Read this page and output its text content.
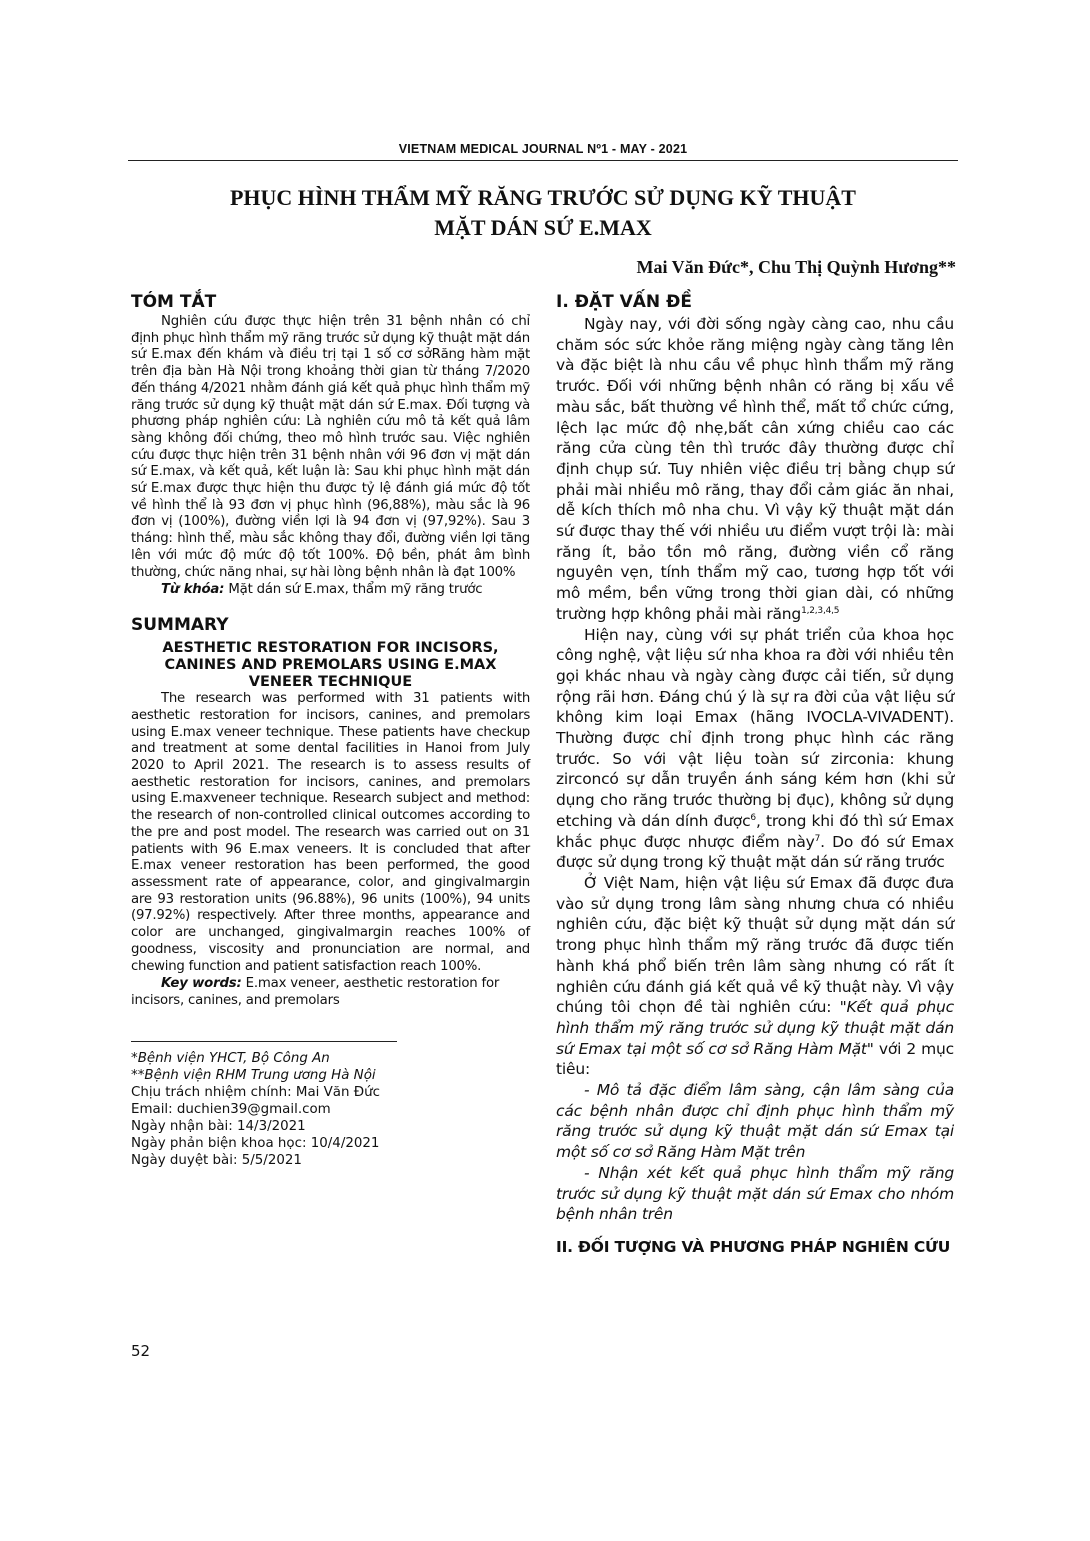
VIETNAM MEDICAL JOURNAL Nº1 - MAY - 2021
PHỤC HÌNH THẨM MỸ RĂNG TRƯỚC SỬ DỤNG KỸ THUẬT
MẶT DÁN SỨ E.MAX
Mai Văn Đức*, Chu Thị Quỳnh Hương**
TÓM TẮT

Nghiên cứu được thực hiện trên 31 bệnh nhân có chỉ định phục hình thẩm mỹ răng trước sử dụng kỹ thuật mặt dán sứ E.max đến khám và điều trị tại 1 số cơ sởRăng hàm mặt trên địa bàn Hà Nội trong khoảng thời gian từ tháng 7/2020 đến tháng 4/2021 nhằm đánh giá kết quả phục hình thẩm mỹ răng trước sử dụng kỹ thuật mặt dán sứ E.max. Đối tượng và phương pháp nghiên cứu: Là nghiên cứu mô tả kết quả lâm sàng không đối chứng, theo mô hình trước sau. Việc nghiên cứu được thực hiện trên 31 bệnh nhân với 96 đơn vị mặt dán sứ E.max, và kết quả, kết luận là: Sau khi phục hình mặt dán sứ E.max được thực hiện thu được tỷ lệ đánh giá mức độ tốt về hình thể là 93 đơn vị phục hình (96,88%), màu sắc là 96 đơn vị (100%), đường viền lợi là 94 đơn vị (97,92%). Sau 3 tháng: hình thể, màu sắc không thay đổi, đường viền lợi tăng lên với mức độ mức độ tốt 100%. Độ bền, phát âm bình thường, chức năng nhai, sự hài lòng bệnh nhân là đạt 100%

Từ khóa: Mặt dán sứ E.max, thẩm mỹ răng trước

SUMMARY

AESTHETIC RESTORATION FOR INCISORS, CANINES AND PREMOLARS USING E.MAX VENEER TECHNIQUE

The research was performed with 31 patients with aesthetic restoration for incisors, canines, and premolars using E.max veneer technique. These patients have checkup and treatment at some dental facilities in Hanoi from July 2020 to April 2021. The research is to assess results of aesthetic restoration for incisors, canines, and premolars using E.maxveneer technique. Research subject and method: the research of non-controlled clinical outcomes according to the pre and post model. The research was carried out on 31 patients with 96 E.max veneers. It is concluded that after E.max veneer restoration has been performed, the good assessment rate of appearance, color, and gingivalmargin are 93 restoration units (96.88%), 96 units (100%), 94 units (97.92%) respectively. After three months, appearance and color are unchanged, gingivalmargin reaches 100% of goodness, viscosity and pronunciation are normal, and chewing function and patient satisfaction reach 100%.

Key words: E.max veneer, aesthetic restoration for incisors, canines, and premolars

*Bệnh viện YHCT, Bộ Công An

**Bệnh viện RHM Trung ương Hà Nội

Chịu trách nhiệm chính: Mai Văn Đức

Email: duchien39@gmail.com

Ngày nhận bài: 14/3/2021

Ngày phản biện khoa học: 10/4/2021

Ngày duyệt bài: 5/5/2021

I. ĐẶT VẤN ĐỀ

Ngày nay, với đời sống ngày càng cao, nhu cầu chăm sóc sức khỏe răng miệng ngày càng tăng lên và đặc biệt là nhu cầu về phục hình thẩm mỹ răng trước. Đối với những bệnh nhân có răng bị xấu về màu sắc, bất thường về hình thể, mất tổ chức cứng, lệch lạc mức độ nhẹ,bất cân xứng chiều cao các răng cửa cùng tên thì trước đây thường được chỉ định chụp sứ. Tuy nhiên việc điều trị bằng chụp sứ phải mài nhiều mô răng, thay đổi cảm giác ăn nhai, dễ kích thích mô nha chu. Vì vậy kỹ thuật mặt dán sứ được thay thế với nhiều ưu điểm vượt trội là: mài răng ít, bảo tồn mô răng, đường viền cổ răng nguyên vẹn, tính thẩm mỹ cao, tương hợp tốt với mô mềm, bền vững trong thời gian dài, có những trường hợp không phải mài răng$^{1,2,3,4,5}$

Hiện nay, cùng với sự phát triển của khoa học công nghệ, vật liệu sứ nha khoa ra đời với nhiều tên gọi khác nhau và ngày càng được cải tiến, sử dụng rộng rãi hơn. Đáng chú ý là sự ra đời của vật liệu sứ không kim loại Emax (hãng IVOCLA-VIVADENT). Thường được chỉ định trong phục hình các răng trước. So với vật liệu toàn sứ zirconia: khung zirconcó sự dẫn truyền ánh sáng kém hơn (khi sử dụng cho răng trước thường bị đục), không sử dụng etching và dán dính được$^6$, trong khi đó thì sứ Emax khắc phục được nhược điểm này$^7$. Do đó sứ Emax được sử dụng trong kỹ thuật mặt dán sứ răng trước

Ở Việt Nam, hiện vật liệu sứ Emax đã được đưa vào sử dụng trong lâm sàng nhưng chưa có nhiều nghiên cứu, đặc biệt kỹ thuật sử dụng mặt dán sứ trong phục hình thẩm mỹ răng trước đã được tiến hành khá phổ biến trên lâm sàng nhưng có rất ít nghiên cứu đánh giá kết quả về kỹ thuật này. Vì vậy chúng tôi chọn đề tài nghiên cứu: "Kết quả phục hình thẩm mỹ răng trước sử dụng kỹ thuật mặt dán sứ Emax tại một số cơ sở Răng Hàm Mặt" với 2 mục tiêu:

- Mô tả đặc điểm lâm sàng, cận lâm sàng của các bệnh nhân được chỉ định phục hình thẩm mỹ răng trước sử dụng kỹ thuật mặt dán sứ Emax tại một số cơ sở Răng Hàm Mặt trên

- Nhận xét kết quả phục hình thẩm mỹ răng trước sử dụng kỹ thuật mặt dán sứ Emax cho nhóm bệnh nhân trên

II. ĐỐI TƯỢNG VÀ PHƯƠNG PHÁP NGHIÊN CỨU
52
